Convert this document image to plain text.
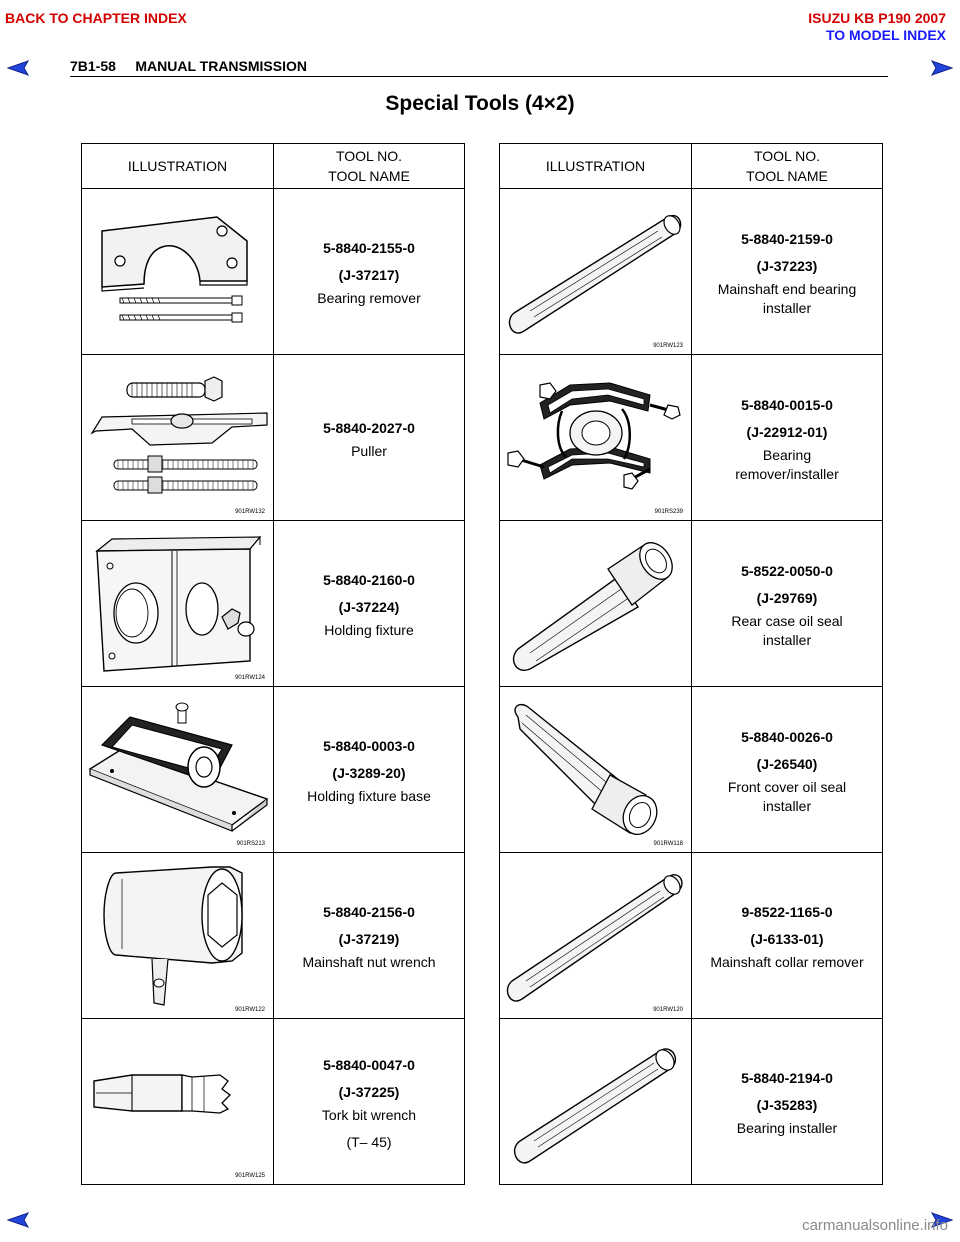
BACK TO CHAPTER INDEX	ISUZU KB P190 2007
TO MODEL INDEX
7B1-58     MANUAL TRANSMISSION
Special Tools (4×2)
ILLUSTRATION	TOOL NO.
TOOL NAME

5-8840-2155-0
(J-37217)
Bearing remover

901RW132	5-8840-2027-0
Puller

901RW124	5-8840-2160-0
(J-37224)
Holding fixture

901RS213	5-8840-0003-0
(J-3289-20)
Holding fixture base

901RW122	5-8840-2156-0
(J-37219)
Mainshaft nut wrench

901RW125	5-8840-0047-0
(J-37225)
Tork bit wrench
(T– 45)
ILLUSTRATION	TOOL NO.
TOOL NAME

901RW123	5-8840-2159-0
(J-37223)
Mainshaft end bearing
installer

901RS239	5-8840-0015-0
(J-22912-01)
Bearing
remover/installer

5-8522-0050-0
(J-29769)
Rear case oil seal
installer

901RW118	5-8840-0026-0
(J-26540)
Front cover oil seal
installer

901RW120	9-8522-1165-0
(J-6133-01)
Mainshaft collar remover

5-8840-2194-0
(J-35283)
Bearing installer
carmanualsonline.info
